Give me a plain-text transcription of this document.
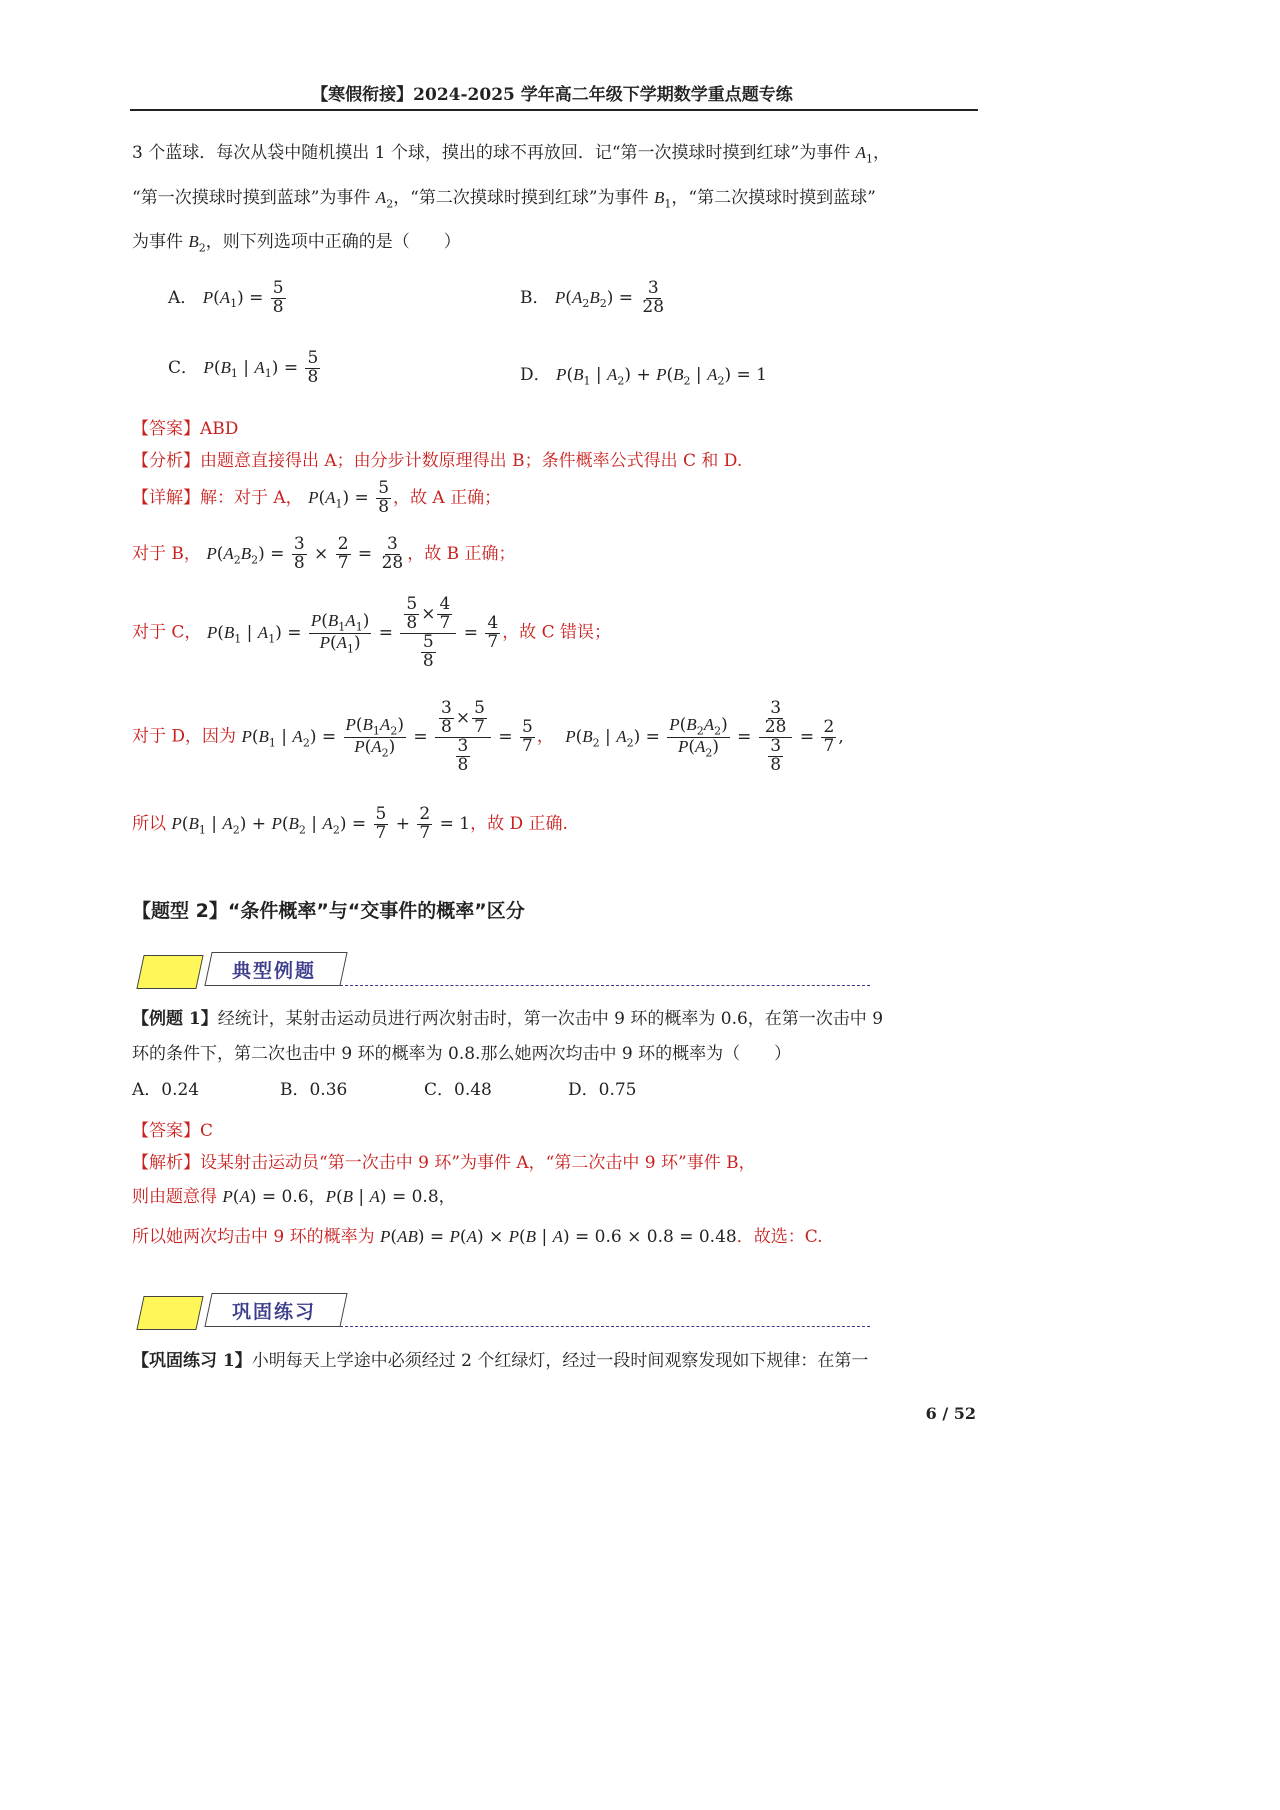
【寒假衔接】2024-2025 学年高二年级下学期数学重点题专练
3 个蓝球．每次从袋中随机摸出 1 个球，摸出的球不再放回．记“第一次摸球时摸到红球”为事件 $A_1$，
“第一次摸球时摸到蓝球”为事件 $A_2$，“第二次摸球时摸到红球”为事件 $B_1$，“第二次摸球时摸到蓝球”
为事件 $B_2$，则下列选项中正确的是（　　）
A． $P(A_1) = \frac{5}{8}$	B． $P(A_2B_2) = \frac{3}{28}$
C． $P(B_1$ | $A_1) = \frac{5}{8}$	D． $P(B_1$ | $A_2) + P(B_2$ | $A_2) = 1$
【答案】ABD
【分析】由题意直接得出 A；由分步计数原理得出 B；条件概率公式得出 C 和 D.
【详解】解：对于 A， $P(A_1) = \frac{5}{8}$ ，故 A 正确；
对于 B， $P(A_2B_2) = \frac{3}{8} \times \frac{2}{7} = \frac{3}{28}$ ，故 B 正确；
对于 C， $P(B_1$ | $A_1) = \frac{P(B_1A_1)}{P(A_1)} = \frac{\frac{5}{8} \times \frac{4}{7}}{\frac{5}{8}} = \frac{4}{7}$ ，故 C 错误；
对于 D，因为 $P(B_1$ | $A_2) = \frac{P(B_1A_2)}{P(A_2)} = \frac{\frac{3}{8} \times \frac{5}{7}}{\frac{3}{8}} = \frac{5}{7}$ ， $P(B_2$ | $A_2) = \frac{P(B_2A_2)}{P(A_2)} = \frac{\frac{3}{28}}{\frac{3}{8}} = \frac{2}{7}$ ,
所以 $P(B_1$ | $A_2) + P(B_2$ | $A_2) = \frac{5}{7} + \frac{2}{7} = 1$，故 D 正确.
【题型 2】“条件概率”与“交事件的概率”区分
典型例题
【例题 1】经统计，某射击运动员进行两次射击时，第一次击中 9 环的概率为 0.6，在第一次击中 9
环的条件下，第二次也击中 9 环的概率为 0.8.那么她两次均击中 9 环的概率为（　　）
A．0.24	B．0.36	C．0.48	D．0.75
【答案】C
【解析】设某射击运动员“第一次击中 9 环”为事件 A，“第二次击中 9 环”事件 B，
则由题意得 P(A) = 0.6，P(B | A) = 0.8，
所以她两次均击中 9 环的概率为 P(AB) = P(A) × P(B | A) = 0.6 × 0.8 = 0.48．故选：C.
巩固练习
【巩固练习 1】小明每天上学途中必须经过 2 个红绿灯，经过一段时间观察发现如下规律：在第一
6 / 52
